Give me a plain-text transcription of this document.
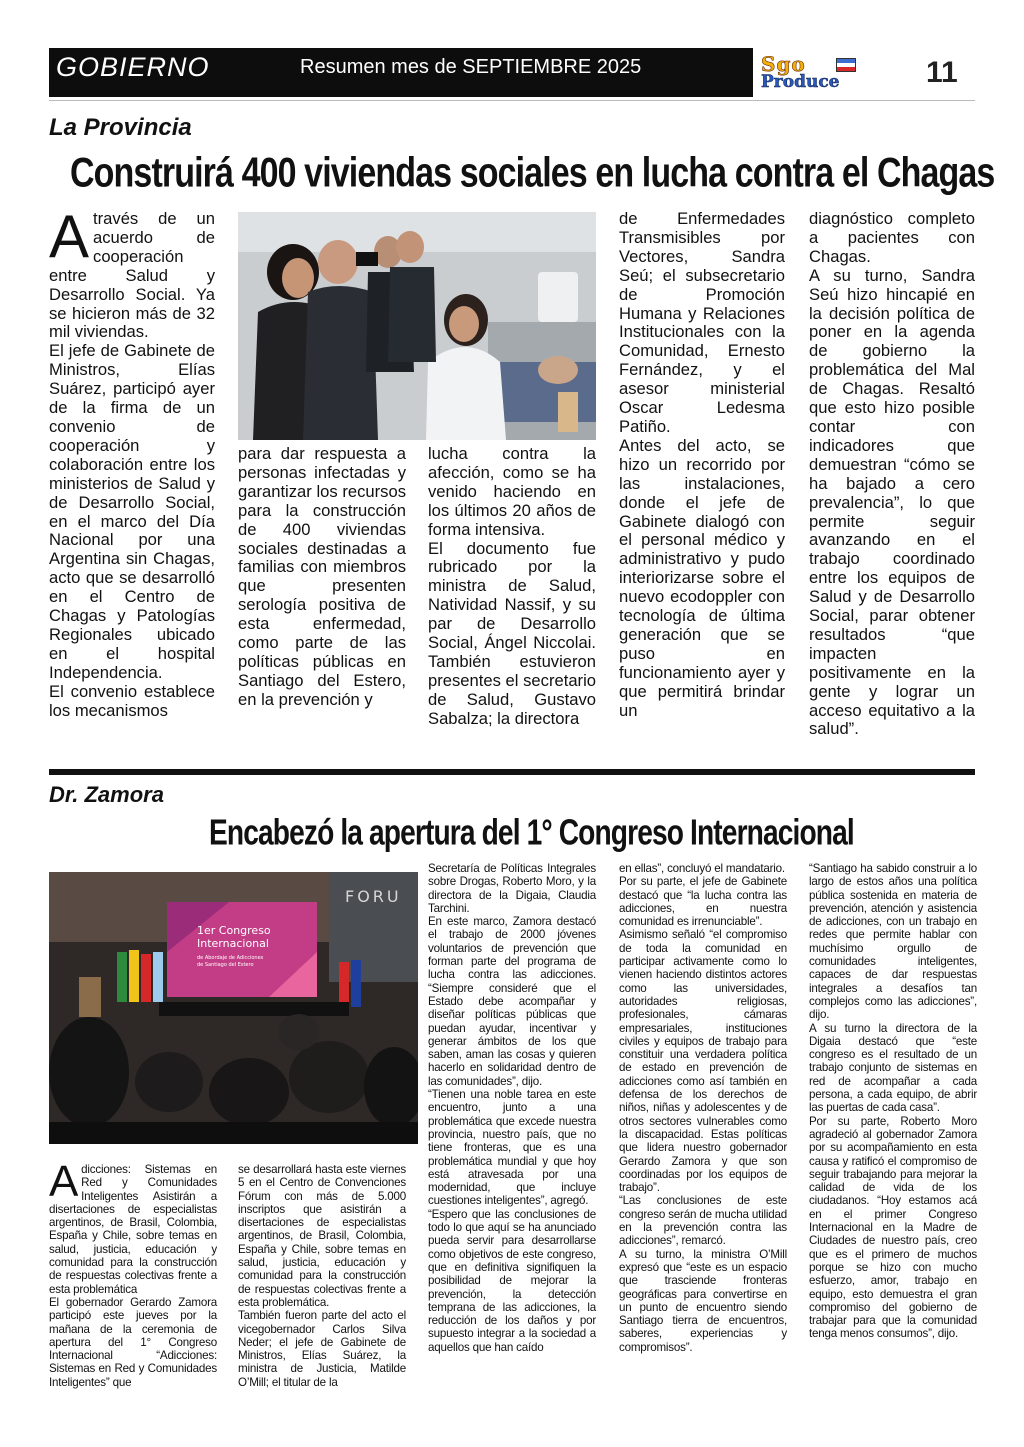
GOBIERNO	Resumen mes de SEPTIEMBRE 2025	Sgo
Produce	11
La Provincia
Construirá 400 viviendas sociales en lucha contra el Chagas
A través de un acuerdo de cooperación entre Salud y Desarrollo Social. Ya se hicieron más de 32 mil viviendas.

El jefe de Gabinete de Ministros, Elías Suárez, participó ayer de la firma de un convenio de cooperación y colaboración entre los ministerios de Salud y de Desarrollo Social, en el marco del Día Nacional por una Argentina sin Chagas, acto que se desarrolló en el Centro de Chagas y Patologías Regionales ubicado en el hospital Independencia.

El convenio establece los mecanismos

para dar respuesta a personas infectadas y garantizar los recursos para la construcción de 400 viviendas sociales destinadas a familias con miembros que presenten serología positiva de esta enfermedad, como parte de las políticas públicas en Santiago del Estero, en la prevención y

lucha contra la afección, como se ha venido haciendo en los últimos 20 años de forma intensiva.

El documento fue rubricado por la ministra de Salud, Natividad Nassif, y su par de Desarrollo Social, Ángel Niccolai. También estuvieron presentes el secretario de Salud, Gustavo Sabalza; la directora

de Enfermedades Transmisibles por Vectores, Sandra Seú; el subsecretario de Promoción Humana y Relaciones Institucionales con la Comunidad, Ernesto Fernández, y el asesor ministerial Oscar Ledesma Patiño.

Antes del acto, se hizo un recorrido por las instalaciones, donde el jefe de Gabinete dialogó con el personal médico y administrativo y pudo interiorizarse sobre el nuevo ecodoppler con tecnología de última generación que se puso en funcionamiento ayer y que permitirá brindar un

diagnóstico completo a pacientes con Chagas.

A su turno, Sandra Seú hizo hincapié en la decisión política de poner en la agenda de gobierno la problemática del Mal de Chagas. Resaltó que esto hizo posible contar con indicadores que demuestran “cómo se ha bajado a cero prevalencia”, lo que permite seguir avanzando en el trabajo coordinado entre los equipos de Salud y de Desarrollo Social, parar obtener resultados “que impacten positivamente en la gente y lograr un acceso equitativo a la salud”.

Dr. Zamora
Encabezó la apertura del 1° Congreso Internacional
FORU
1er Congreso
Internacional
de Abordaje de Adicciones
de Santiago del Estero
A dicciones: Sistemas en Red y Comunidades Inteligentes Asistirán a disertaciones de especialistas argentinos, de Brasil, Colombia, España y Chile, sobre temas en salud, justicia, educación y comunidad para la construcción de respuestas colectivas frente a esta problemática

El gobernador Gerardo Zamora participó este jueves por la mañana de la ceremonia de apertura del 1° Congreso Internacional “Adicciones: Sistemas en Red y Comunidades Inteligentes” que

se desarrollará hasta este viernes 5 en el Centro de Convenciones Fórum con más de 5.000 inscriptos que asistirán a disertaciones de especialistas argentinos, de Brasil, Colombia, España y Chile, sobre temas en salud, justicia, educación y comunidad para la construcción de respuestas colectivas frente a esta problemática.

También fueron parte del acto el vicegobernador Carlos Silva Neder; el jefe de Gabinete de Ministros, Elías Suárez, la ministra de Justicia, Matilde O’Mill; el titular de la

Secretaría de Políticas Integrales sobre Drogas, Roberto Moro, y la directora de la Digaia, Claudia Tarchini.

En este marco, Zamora destacó el trabajo de 2000 jóvenes voluntarios de prevención que forman parte del programa de lucha contra las adicciones. “Siempre consideré que el Estado debe acompañar y diseñar políticas públicas que puedan ayudar, incentivar y generar ámbitos de los que saben, aman las cosas y quieren hacerlo en solidaridad dentro de las comunidades”, dijo.

“Tienen una noble tarea en este encuentro, junto a una problemática que excede nuestra provincia, nuestro país, que no tiene fronteras, que es una problemática mundial y que hoy está atravesada por una modernidad, que incluye cuestiones inteligentes”, agregó.

“Espero que las conclusiones de todo lo que aquí se ha anunciado pueda servir para desarrollarse como objetivos de este congreso, que en definitiva signifiquen la posibilidad de mejorar la prevención, la detección temprana de las adicciones, la reducción de los daños y por supuesto integrar a la sociedad a aquellos que han caído

en ellas”, concluyó el mandatario.

Por su parte, el jefe de Gabinete destacó que “la lucha contra las adicciones, en nuestra comunidad es irrenunciable”.

Asimismo señaló “el compromiso de toda la comunidad en participar activamente como lo vienen haciendo distintos actores como las universidades, autoridades religiosas, profesionales, cámaras empresariales, instituciones civiles y equipos de trabajo para constituir una verdadera política de estado en prevención de adicciones como así también en defensa de los derechos de niños, niñas y adolescentes y de otros sectores vulnerables como la discapacidad. Estas políticas que lidera nuestro gobernador Gerardo Zamora y que son coordinadas por los equipos de trabajo”.

“Las conclusiones de este congreso serán de mucha utilidad en la prevención contra las adicciones”, remarcó.

A su turno, la ministra O’Mill expresó que “este es un espacio que trasciende fronteras geográficas para convertirse en un punto de encuentro siendo Santiago tierra de encuentros, saberes, experiencias y compromisos”.

“Santiago ha sabido construir a lo largo de estos años una política pública sostenida en materia de prevención, atención y asistencia de adicciones, con un trabajo en redes que permite hablar con muchísimo orgullo de comunidades inteligentes, capaces de dar respuestas integrales a desafíos tan complejos como las adicciones”, dijo.

A su turno la directora de la Digaia destacó que “este congreso es el resultado de un trabajo conjunto de sistemas en red de acompañar a cada persona, a cada equipo, de abrir las puertas de cada casa”.

Por su parte, Roberto Moro agradeció al gobernador Zamora por su acompañamiento en esta causa y ratificó el compromiso de seguir trabajando para mejorar la calidad de vida de los ciudadanos. “Hoy estamos acá en el primer Congreso Internacional en la Madre de Ciudades de nuestro país, creo que es el primero de muchos porque se hizo con mucho esfuerzo, amor, trabajo en equipo, esto demuestra el gran compromiso del gobierno de trabajar para que la comunidad tenga menos consumos”, dijo.
